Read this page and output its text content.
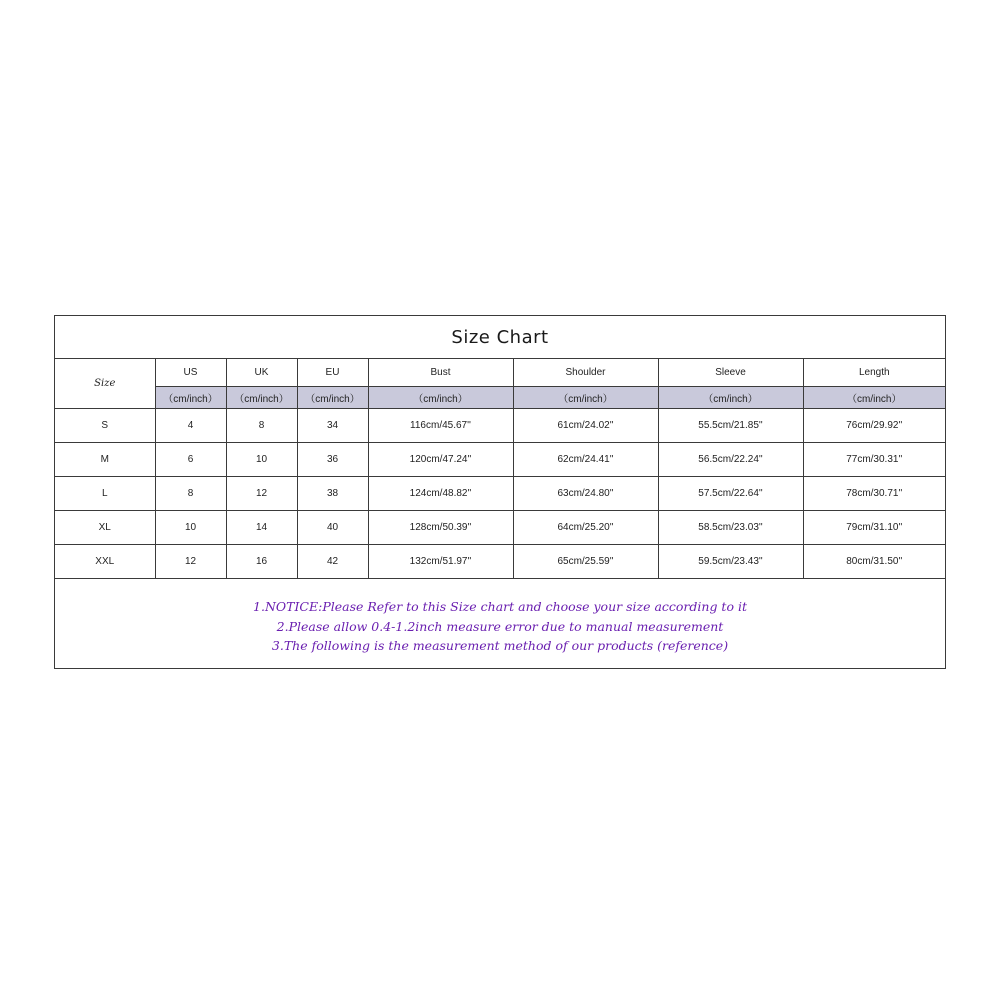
Size Chart
Size	US	UK	EU	Bust	Shoulder	Sleeve	Length
	（cm/inch）	（cm/inch）	（cm/inch）	（cm/inch）	（cm/inch）	（cm/inch）	（cm/inch）
S	4	8	34	116cm/45.67''	61cm/24.02''	55.5cm/21.85''	76cm/29.92''
M	6	10	36	120cm/47.24''	62cm/24.41''	56.5cm/22.24''	77cm/30.31''
L	8	12	38	124cm/48.82''	63cm/24.80''	57.5cm/22.64''	78cm/30.71''
XL	10	14	40	128cm/50.39''	64cm/25.20''	58.5cm/23.03''	79cm/31.10''
XXL	12	16	42	132cm/51.97''	65cm/25.59''	59.5cm/23.43''	80cm/31.50''
1.NOTICE:Please Refer to this Size chart and choose your size according to it
2.Please allow 0.4-1.2inch measure error due to manual measurement
3.The following is the measurement method of our products (reference)
